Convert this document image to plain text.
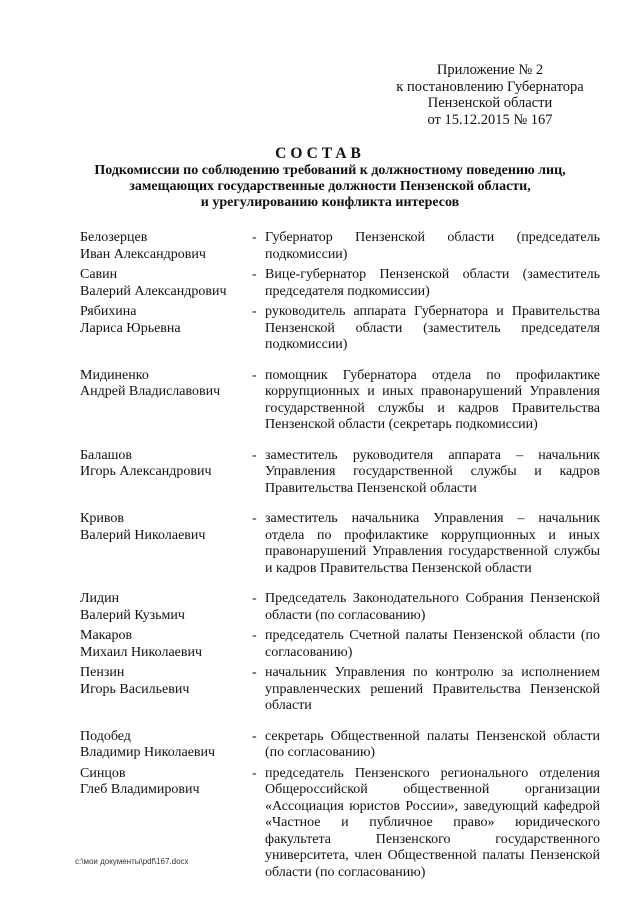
Приложение № 2
к постановлению Губернатора
Пензенской области
от 15.12.2015 № 167
СОСТАВ
Подкомиссии по соблюдению требований к должностному поведению лиц,
замещающих государственные должности Пензенской области,
и урегулированию конфликта интересов
Белозерцев
Иван Александрович
- Губернатор Пензенской области (председатель подкомиссии)
Савин
Валерий Александрович
- Вице-губернатор Пензенской области (заместитель председателя подкомиссии)
Рябихина
Лариса Юрьевна
- руководитель аппарата Губернатора и Правительства Пензенской области (заместитель председателя подкомиссии)
Мидиненко
Андрей Владиславович
- помощник Губернатора отдела по профилактике коррупционных и иных правонарушений Управления государственной службы и кадров Правительства Пензенской области (секретарь подкомиссии)
Балашов
Игорь Александрович
- заместитель руководителя аппарата – начальник Управления государственной службы и кадров Правительства Пензенской области
Кривов
Валерий Николаевич
- заместитель начальника Управления – начальник отдела по профилактике коррупционных и иных правонарушений Управления государственной службы и кадров Правительства Пензенской области
Лидин
Валерий Кузьмич
- Председатель Законодательного Собрания Пензенской области (по согласованию)
Макаров
Михаил Николаевич
- председатель Счетной палаты Пензенской области (по согласованию)
Пензин
Игорь Васильевич
- начальник Управления по контролю за исполнением управленческих решений Правительства Пензенской области
Подобед
Владимир Николаевич
- секретарь Общественной палаты Пензенской области (по согласованию)
Синцов
Глеб Владимирович
- председатель Пензенского регионального отделения Общероссийской общественной организации «Ассоциация юристов России», заведующий кафедрой «Частное и публичное право» юридического факультета Пензенского государственного университета, член Общественной палаты Пензенской области (по согласованию)
c:\мои документы\pdf\167.docx
